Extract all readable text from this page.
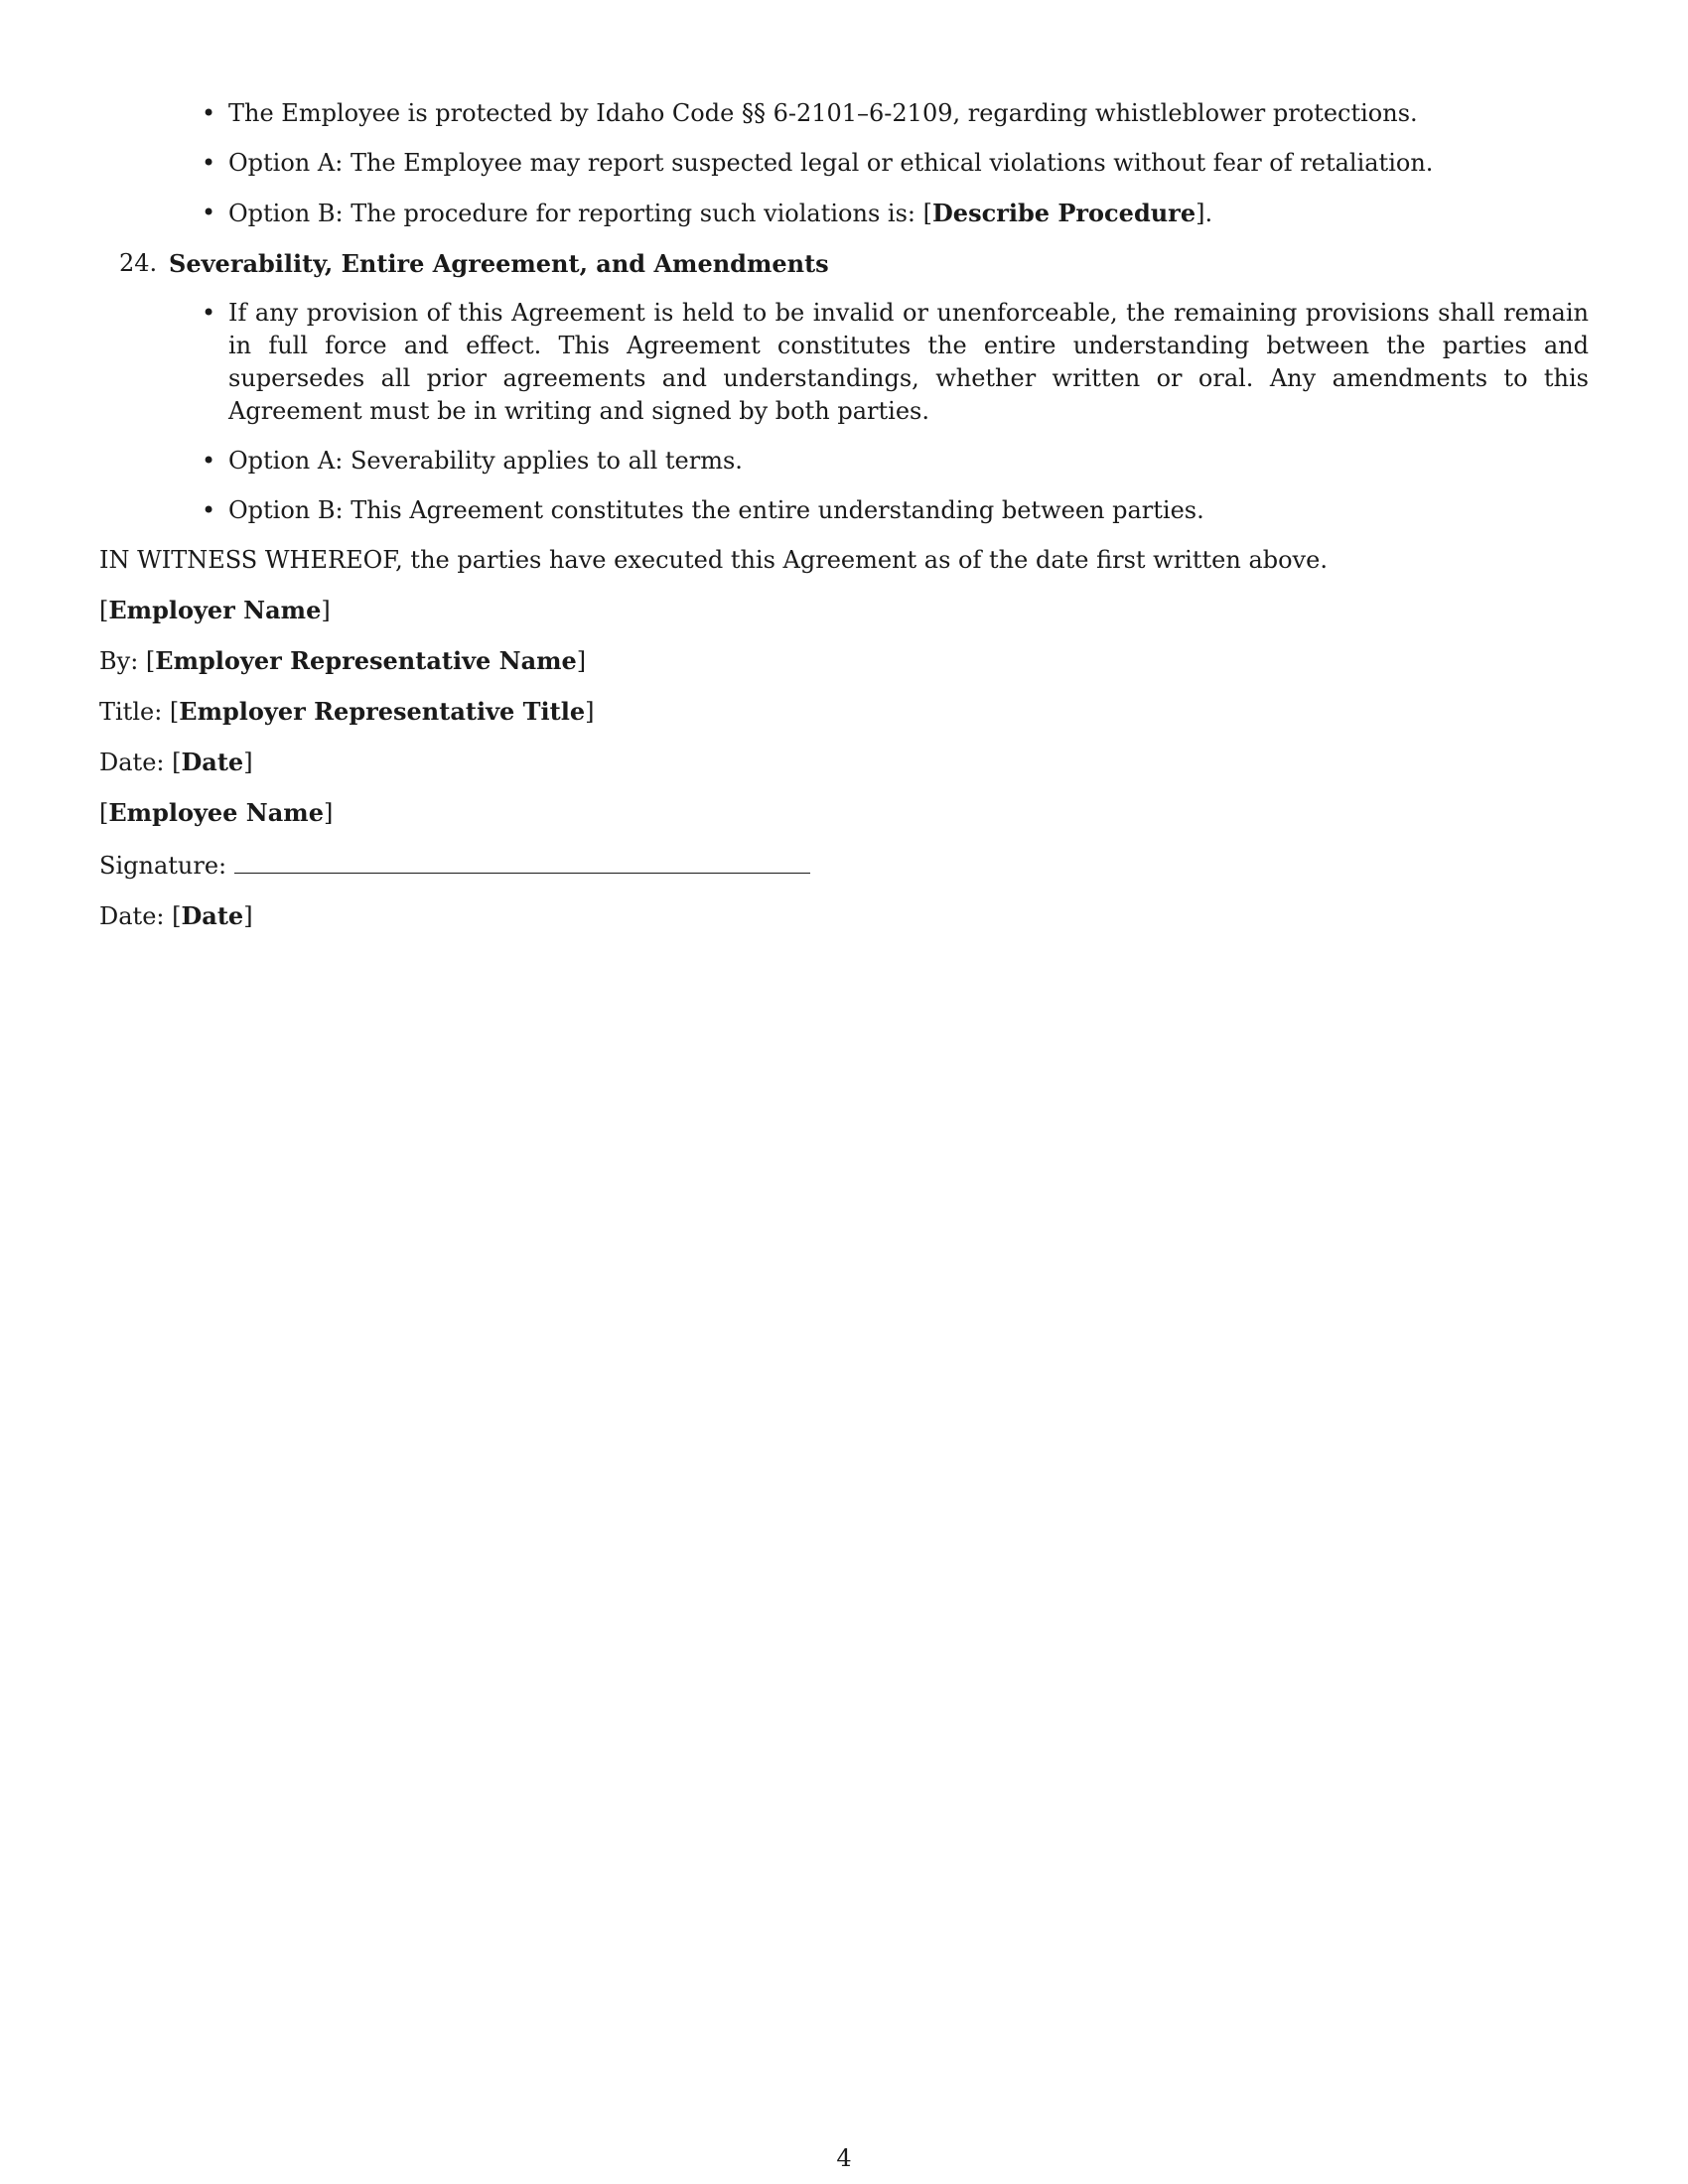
• The Employee is protected by Idaho Code §§ 6-2101–6-2109, regarding whistleblower protections.
• Option A: The Employee may report suspected legal or ethical violations without fear of retaliation.
• Option B: The procedure for reporting such violations is: [Describe Procedure].
24. Severability, Entire Agreement, and Amendments
• If any provision of this Agreement is held to be invalid or unenforceable, the remaining provisions shall remain in full force and effect. This Agreement constitutes the entire understanding between the parties and supersedes all prior agreements and understandings, whether written or oral. Any amendments to this Agreement must be in writing and signed by both parties.
• Option A: Severability applies to all terms.
• Option B: This Agreement constitutes the entire understanding between parties.
IN WITNESS WHEREOF, the parties have executed this Agreement as of the date first written above.
[Employer Name]
By: [Employer Representative Name]
Title: [Employer Representative Title]
Date: [Date]
[Employee Name]
Signature:
Date: [Date]
4
